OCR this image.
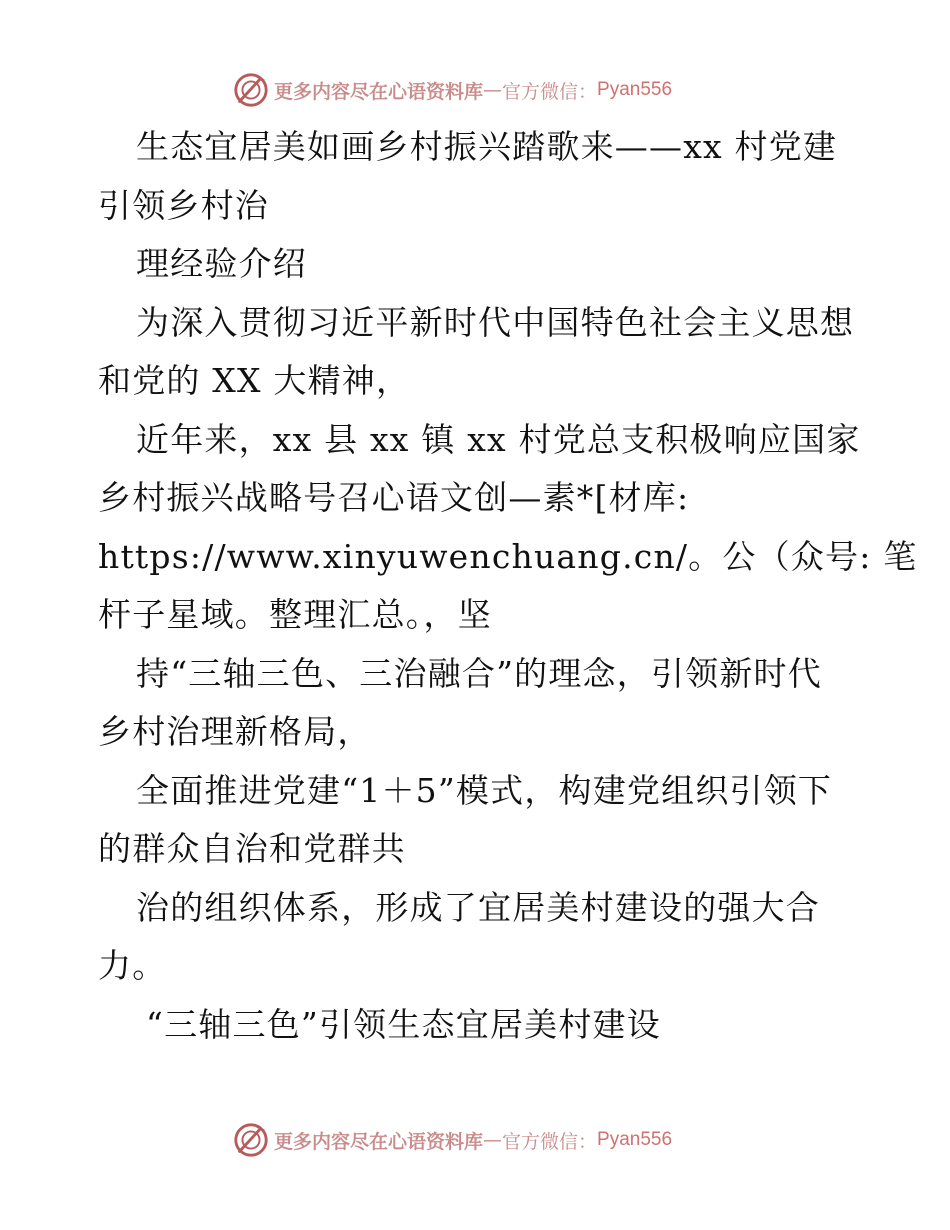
更多内容尽在心语资料库 — 官方微信： Pyan556
生态宜居美如画乡村振兴踏歌来——xx 村党建
引领乡村治
理经验介绍
为深入贯彻习近平新时代中国特色社会主义思想
和党的 XX 大精神，
近年来，xx 县 xx 镇 xx 村党总支积极响应国家
乡村振兴战略号召心语文创—素*[材库:
https://www.xinyuwenchuang.cn/。公（众号: 笔
杆子星域。整理汇总。，坚
持“三轴三色、三治融合”的理念，引领新时代
乡村治理新格局，
全面推进党建“1＋5”模式，构建党组织引领下
的群众自治和党群共
治的组织体系，形成了宜居美村建设的强大合
力。
“三轴三色”引领生态宜居美村建设
更多内容尽在心语资料库 — 官方微信： Pyan556
